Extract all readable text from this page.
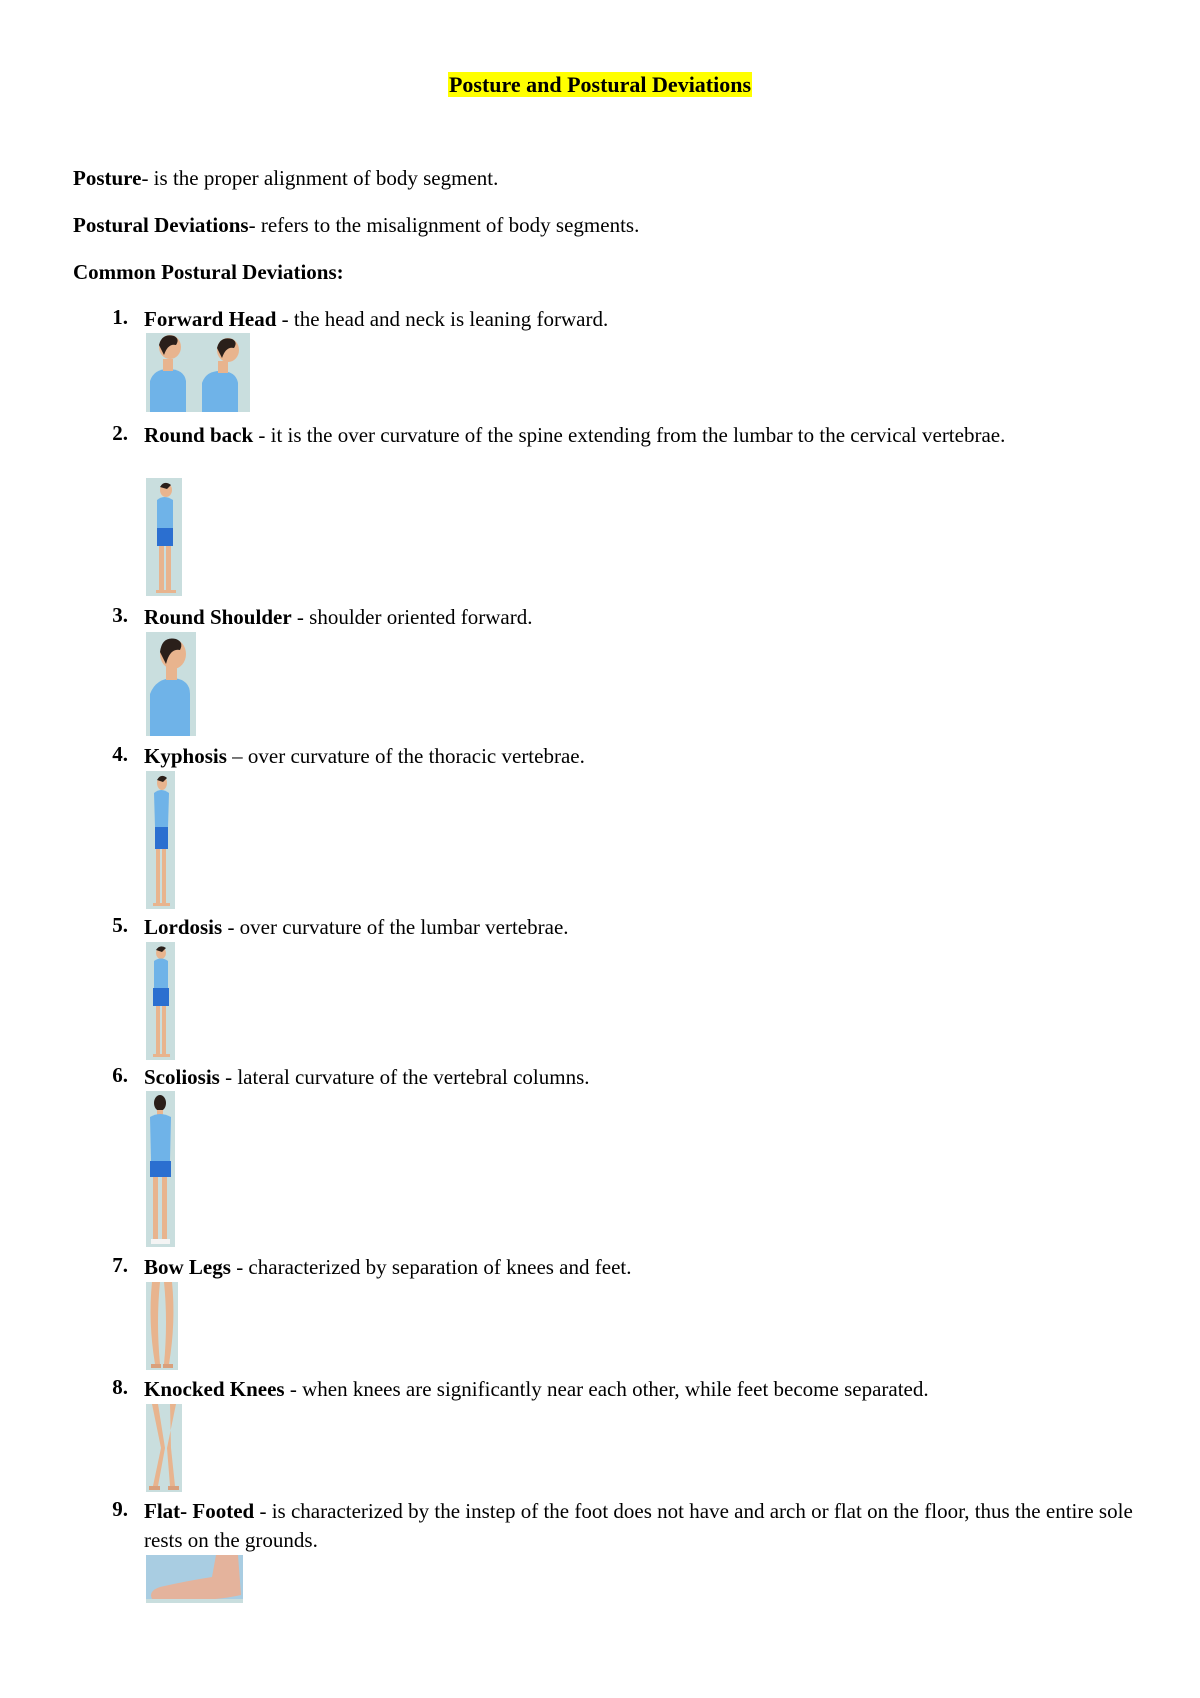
Posture and Postural Deviations
Posture- is the proper alignment of body segment.
Postural Deviations- refers to the misalignment of body segments.
Common Postural Deviations:
1. Forward Head - the head and neck is leaning forward.
2. Round back - it is the over curvature of the spine extending from the lumbar to the cervical vertebrae.
3. Round Shoulder - shoulder oriented forward.
4. Kyphosis – over curvature of the thoracic vertebrae.
5. Lordosis - over curvature of the lumbar vertebrae.
6. Scoliosis - lateral curvature of the vertebral columns.
7. Bow Legs - characterized by separation of knees and feet.
8. Knocked Knees - when knees are significantly near each other, while feet become separated.
9. Flat- Footed - is characterized by the instep of the foot does not have and arch or flat on the floor, thus the entire sole rests on the grounds.
